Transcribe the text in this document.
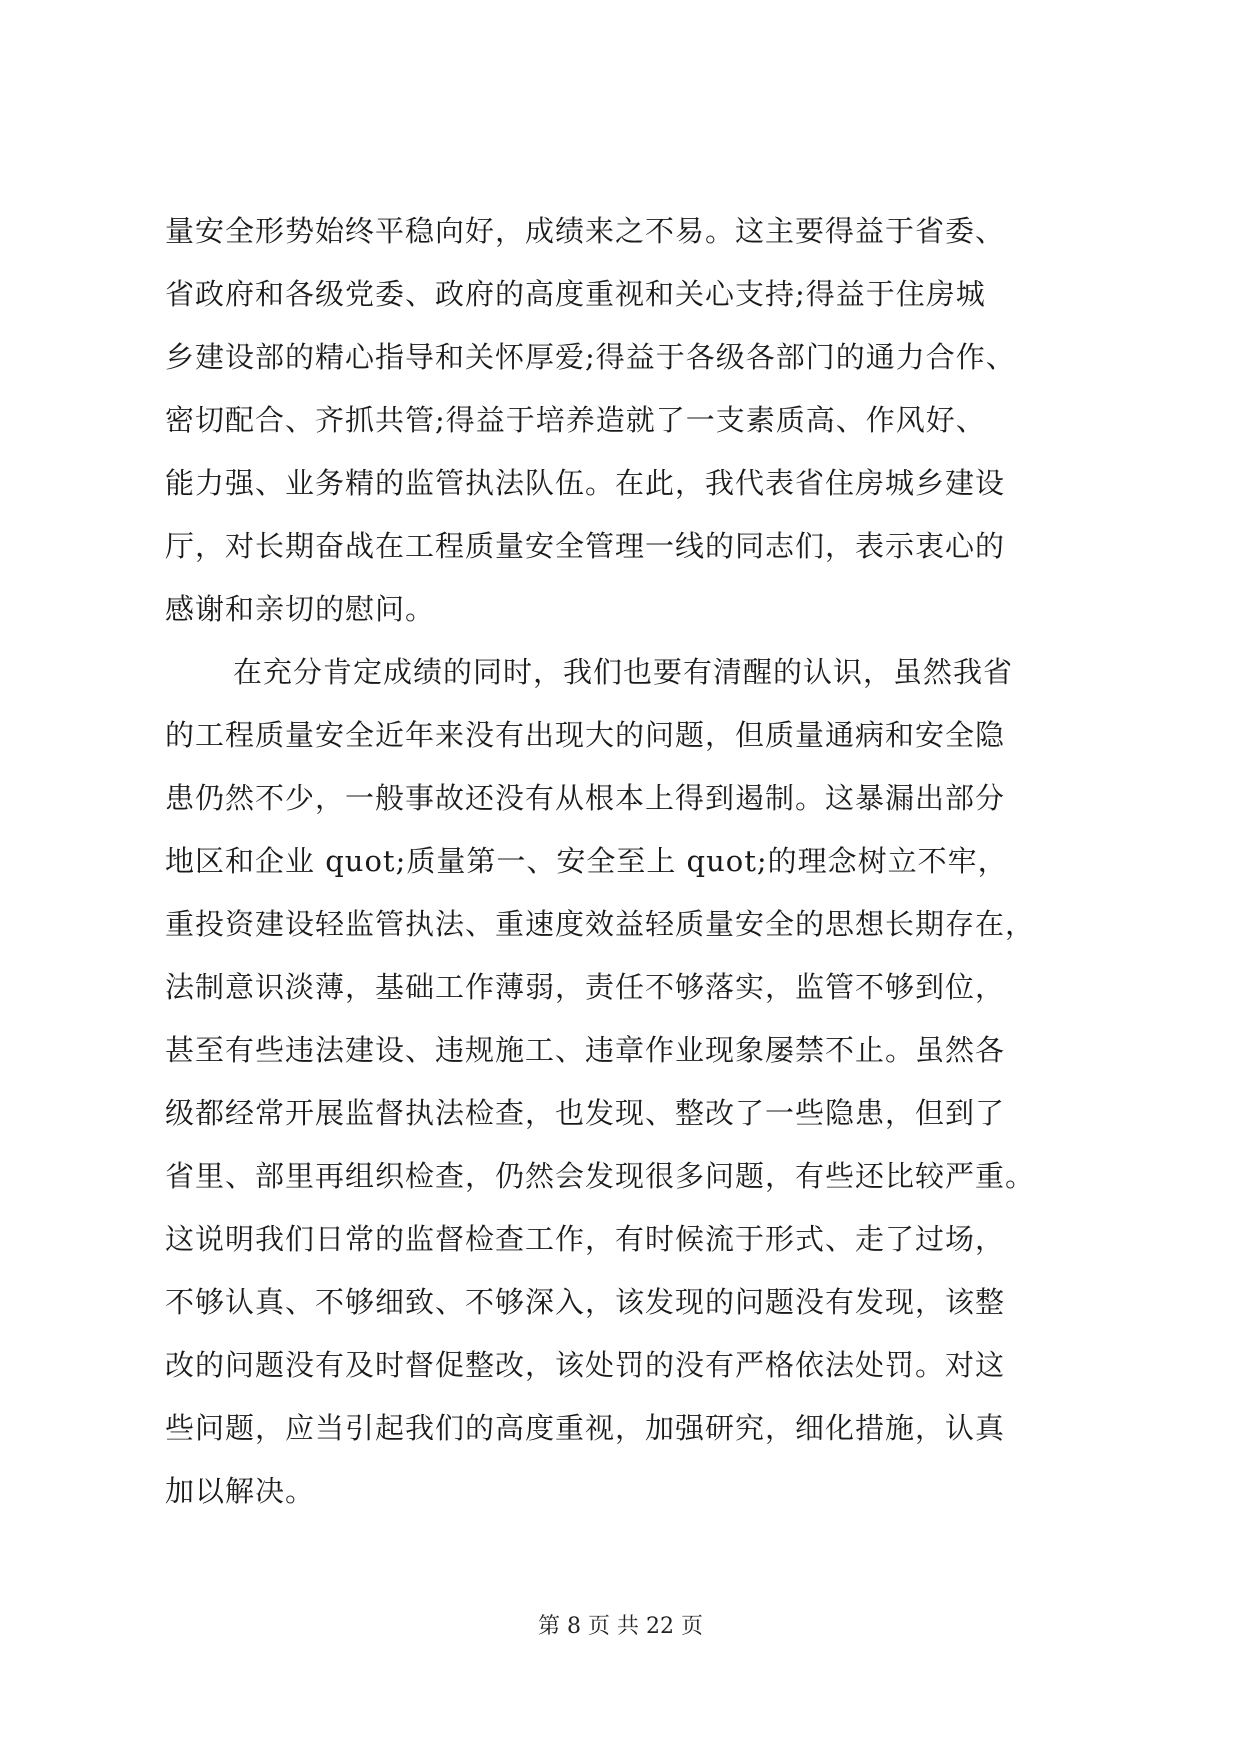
量安全形势始终平稳向好，成绩来之不易。这主要得益于省委、
省政府和各级党委、政府的高度重视和关心支持;得益于住房城
乡建设部的精心指导和关怀厚爱;得益于各级各部门的通力合作、
密切配合、齐抓共管;得益于培养造就了一支素质高、作风好、
能力强、业务精的监管执法队伍。在此，我代表省住房城乡建设
厅，对长期奋战在工程质量安全管理一线的同志们，表示衷心的
感谢和亲切的慰问。
在充分肯定成绩的同时，我们也要有清醒的认识，虽然我省
的工程质量安全近年来没有出现大的问题，但质量通病和安全隐
患仍然不少，一般事故还没有从根本上得到遏制。这暴漏出部分
地区和企业 quot;质量第一、安全至上 quot;的理念树立不牢，
重投资建设轻监管执法、重速度效益轻质量安全的思想长期存在，
法制意识淡薄，基础工作薄弱，责任不够落实，监管不够到位，
甚至有些违法建设、违规施工、违章作业现象屡禁不止。虽然各
级都经常开展监督执法检查，也发现、整改了一些隐患，但到了
省里、部里再组织检查，仍然会发现很多问题，有些还比较严重。
这说明我们日常的监督检查工作，有时候流于形式、走了过场，
不够认真、不够细致、不够深入，该发现的问题没有发现，该整
改的问题没有及时督促整改，该处罚的没有严格依法处罚。对这
些问题，应当引起我们的高度重视，加强研究，细化措施，认真
加以解决。
第 8 页 共 22 页
